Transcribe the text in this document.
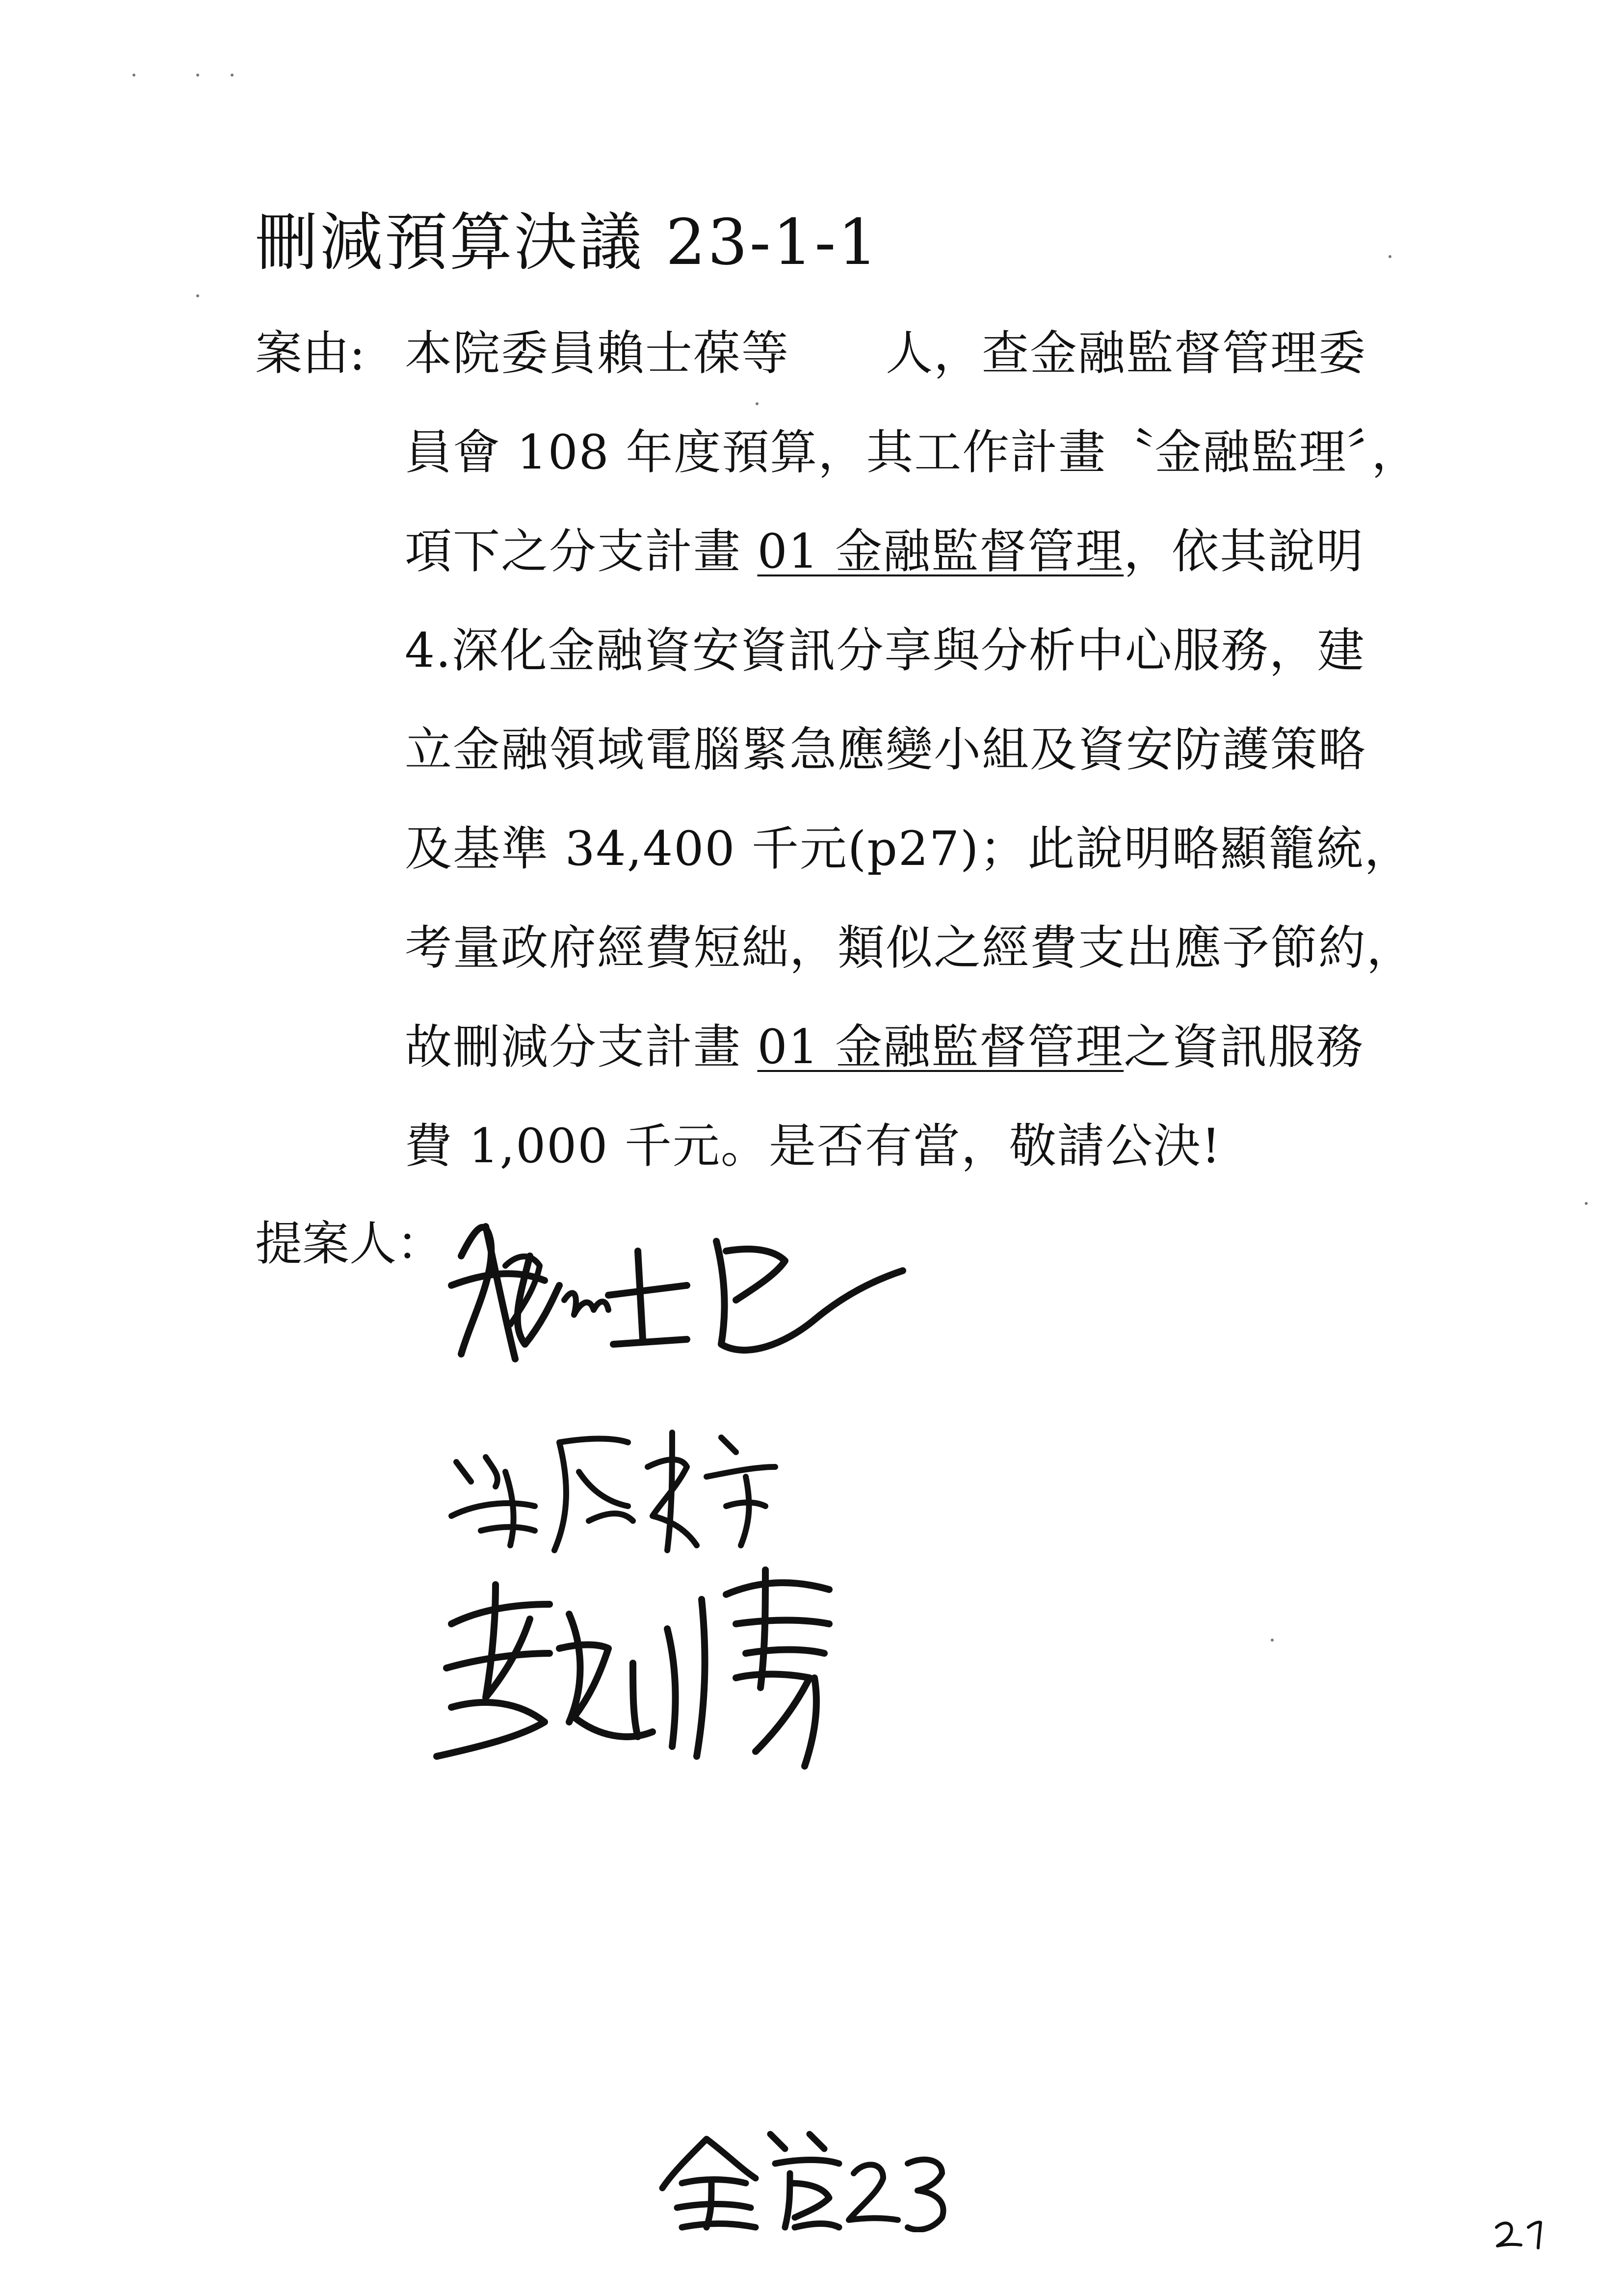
刪減預算決議 23-1-1
案由: 本院委員賴士葆等　　人，查金融監督管理委
員會 108 年度預算，其工作計畫〝金融監理〞，
項下之分支計畫 01 金融監督管理，依其說明
4.深化金融資安資訊分享與分析中心服務，建
立金融領域電腦緊急應變小組及資安防護策略
及基準 34,400 千元(p27)；此說明略顯籠統，
考量政府經費短絀，類似之經費支出應予節約，
故刪減分支計畫 01 金融監督管理之資訊服務
費 1,000 千元。是否有當，敬請公決!
提案人：
